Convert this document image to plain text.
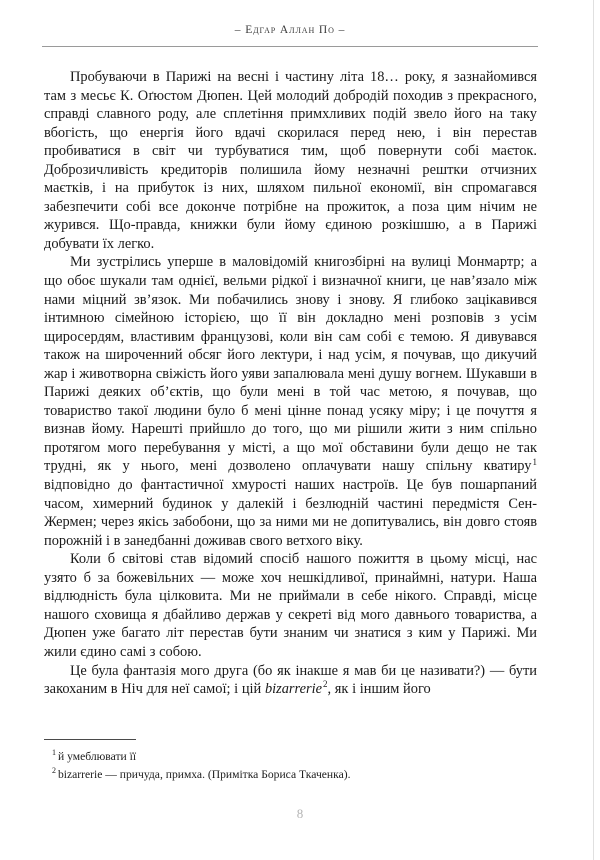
– Едгар Аллан По –

Пробуваючи в Парижі на весні і частину літа 18… року, я зазнайомився там з месьє К. Оґюстом Дюпен. Цей молодий добродій походив з прекрасного, справді славного роду, але сплетіння примхливих подій звело його на таку вбогість, що енергія його вдачі скорилася перед нею, і він перестав пробиватися в світ чи турбуватися тим, щоб повернути собі маєток. Доброзичливість кредиторів полишила йому незначні рештки отчизних маєтків, і на прибуток із них, шляхом пильної економії, він спромагався забезпечити собі все доконче потрібне на прожиток, а поза цим нічим не журився. Що-правда, книжки були йому єдиною розкішшю, а в Парижі добувати їх легко.

Ми зустрілись уперше в маловідомій книгозбірні на вулиці Монмартр; а що обоє шукали там однієї, вельми рідкої і визначної книги, це нав’язало між нами міцний зв’язок. Ми побачились знову і знову. Я глибоко зацікавився інтимною сімейною історією, що її він докладно мені розповів з усім щиросердям, властивим французові, коли він сам собі є темою. Я дивувався також на широченний обсяг його лектури, і над усім, я почував, що дикучий жар і животворна свіжість його уяви запалювала мені душу вогнем. Шукавши в Парижі деяких об’єктів, що були мені в той час метою, я почував, що товариство такої людини було б мені цінне понад усяку міру; і це почуття я визнав йому. Нарешті прийшло до того, що ми рішили жити з ним спільно протягом мого перебування у місті, а що мої обставини були дещо не так трудні, як у нього, мені дозволено оплачувати нашу спільну кватиру$^1$ відповідно до фантастичної хмурості наших настроїв. Це був пошарпаний часом, химерний будинок у далекій і безлюдній частині передмістя Сен-Жермен; через якісь забобони, що за ними ми не допитувались, він довго стояв порожній і в занедбанні доживав свого ветхого віку.

Коли б світові став відомий спосіб нашого пожиття в цьому місці, нас узято б за божевільних — може хоч нешкідливої, принаймні, натури. Наша відлюдність була цілковита. Ми не приймали в себе нікого. Справді, місце нашого сховища я дбайливо держав у секреті від мого давнього товариства, а Дюпен уже багато літ перестав бути знаним чи знатися з ким у Парижі. Ми жили єдино самі з собою.

Це була фантазія мого друга (бо як інакше я мав би це називати?) — бути закоханим в Ніч для неї самої; і цій bizarrerie$^2$, як і іншим його

$^1$ й умеблювати її

$^2$ bizarrerie — причуда, примха. (Примітка Бориса Ткаченка).

8
